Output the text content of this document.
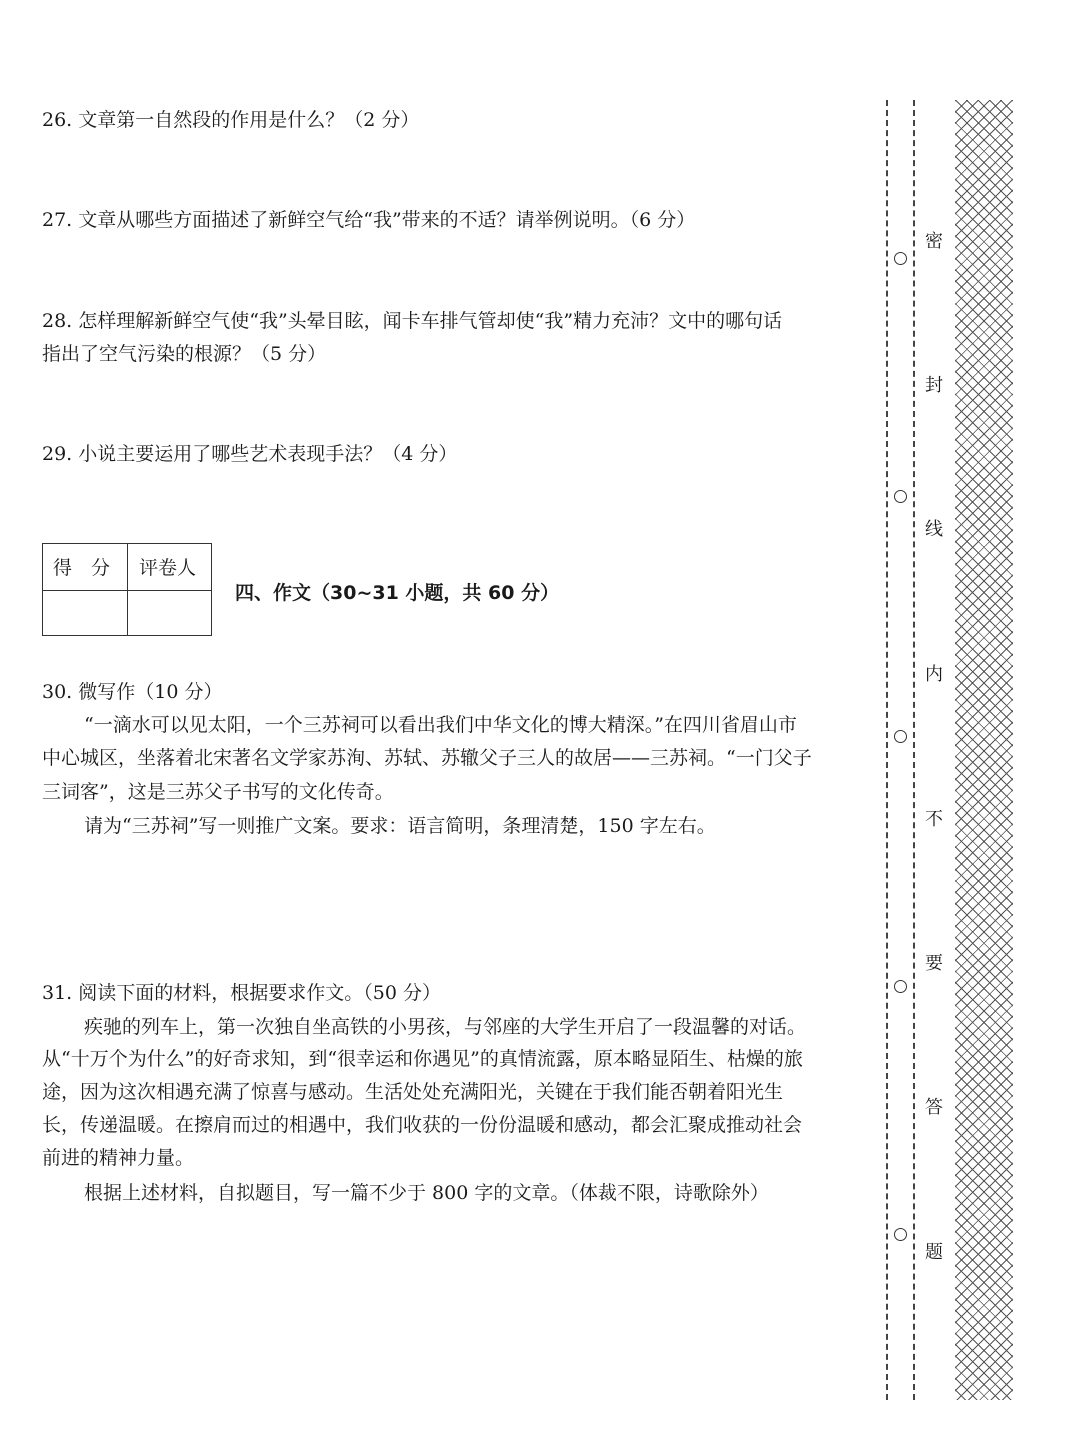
26. 文章第一自然段的作用是什么？（2 分）
27. 文章从哪些方面描述了新鲜空气给“我”带来的不适？请举例说明。（6 分）
28. 怎样理解新鲜空气使“我”头晕目眩，闻卡车排气管却使“我”精力充沛？文中的哪句话
指出了空气污染的根源？（5 分）
29. 小说主要运用了哪些艺术表现手法？（4 分）
30. 微写作（10 分）
“一滴水可以见太阳，一个三苏祠可以看出我们中华文化的博大精深。”在四川省眉山市
中心城区，坐落着北宋著名文学家苏洵、苏轼、苏辙父子三人的故居——三苏祠。“一门父子
三词客”，这是三苏父子书写的文化传奇。
请为“三苏祠”写一则推广文案。要求：语言简明，条理清楚，150 字左右。
31. 阅读下面的材料，根据要求作文。（50 分）
疾驰的列车上，第一次独自坐高铁的小男孩，与邻座的大学生开启了一段温馨的对话。
从“十万个为什么”的好奇求知，到“很幸运和你遇见”的真情流露，原本略显陌生、枯燥的旅
途，因为这次相遇充满了惊喜与感动。生活处处充满阳光，关键在于我们能否朝着阳光生
长，传递温暖。在擦肩而过的相遇中，我们收获的一份份温暖和感动，都会汇聚成推动社会
前进的精神力量。
根据上述材料，自拟题目，写一篇不少于 800 字的文章。（体裁不限，诗歌除外）
得　分 评卷人
四、作文（30~31 小题，共 60 分）
密
封
线
内
不
要
答
题
